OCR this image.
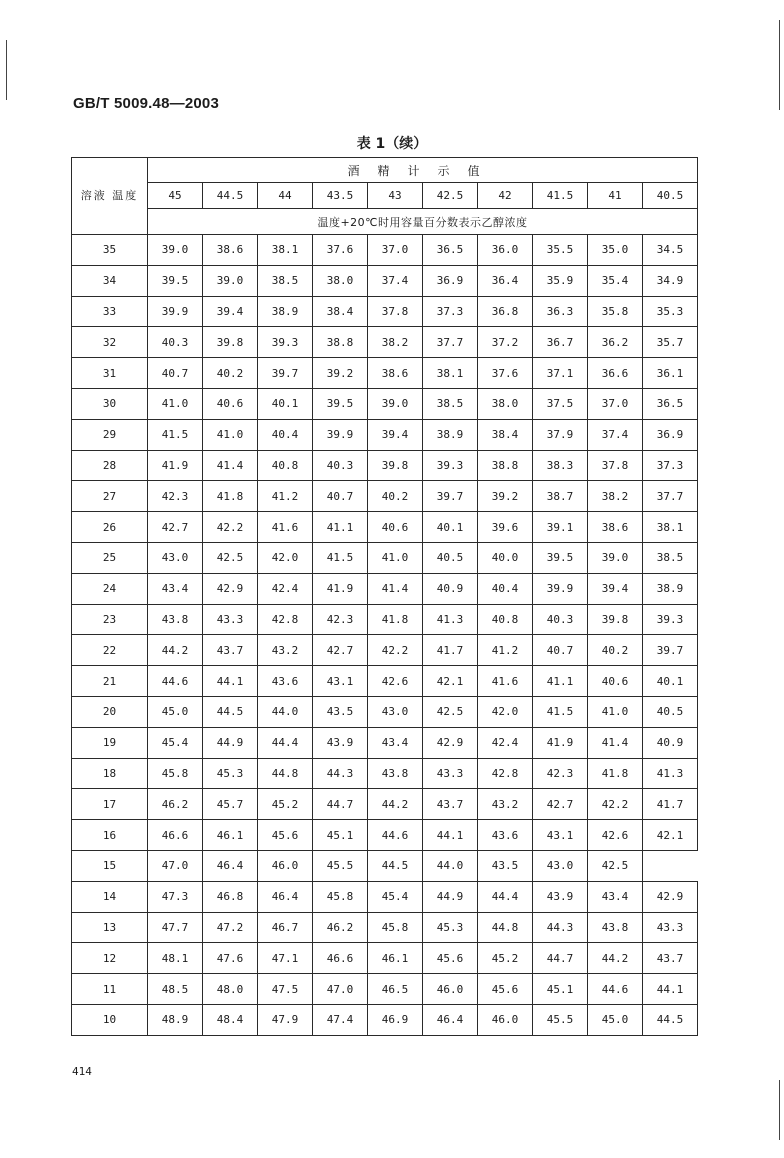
GB/T 5009.48—2003
表 1（续）
溶液 温度	酒精计示值									
	45	44.5	44	43.5	43	42.5	42	41.5	41	40.5
	温度+20℃时用容量百分数表示乙醇浓度									
35	39.0	38.6	38.1	37.6	37.0	36.5	36.0	35.5	35.0	34.5
34	39.5	39.0	38.5	38.0	37.4	36.9	36.4	35.9	35.4	34.9
33	39.9	39.4	38.9	38.4	37.8	37.3	36.8	36.3	35.8	35.3
32	40.3	39.8	39.3	38.8	38.2	37.7	37.2	36.7	36.2	35.7
31	40.7	40.2	39.7	39.2	38.6	38.1	37.6	37.1	36.6	36.1
30	41.0	40.6	40.1	39.5	39.0	38.5	38.0	37.5	37.0	36.5
29	41.5	41.0	40.4	39.9	39.4	38.9	38.4	37.9	37.4	36.9
28	41.9	41.4	40.8	40.3	39.8	39.3	38.8	38.3	37.8	37.3
27	42.3	41.8	41.2	40.7	40.2	39.7	39.2	38.7	38.2	37.7
26	42.7	42.2	41.6	41.1	40.6	40.1	39.6	39.1	38.6	38.1
25	43.0	42.5	42.0	41.5	41.0	40.5	40.0	39.5	39.0	38.5
24	43.4	42.9	42.4	41.9	41.4	40.9	40.4	39.9	39.4	38.9
23	43.8	43.3	42.8	42.3	41.8	41.3	40.8	40.3	39.8	39.3
22	44.2	43.7	43.2	42.7	42.2	41.7	41.2	40.7	40.2	39.7
21	44.6	44.1	43.6	43.1	42.6	42.1	41.6	41.1	40.6	40.1
20	45.0	44.5	44.0	43.5	43.0	42.5	42.0	41.5	41.0	40.5
19	45.4	44.9	44.4	43.9	43.4	42.9	42.4	41.9	41.4	40.9
18	45.8	45.3	44.8	44.3	43.8	43.3	42.8	42.3	41.8	41.3
17	46.2	45.7	45.2	44.7	44.2	43.7	43.2	42.7	42.2	41.7
16	46.6	46.1	45.6	45.1	44.6	44.1	43.6	43.1	42.6	42.1
15	47.0	46.4	46.0	45.5	44.5	44.0	43.5	43.0	42.5	
14	47.3	46.8	46.4	45.8	45.4	44.9	44.4	43.9	43.4	42.9
13	47.7	47.2	46.7	46.2	45.8	45.3	44.8	44.3	43.8	43.3
12	48.1	47.6	47.1	46.6	46.1	45.6	45.2	44.7	44.2	43.7
11	48.5	48.0	47.5	47.0	46.5	46.0	45.6	45.1	44.6	44.1
10	48.9	48.4	47.9	47.4	46.9	46.4	46.0	45.5	45.0	44.5
414
